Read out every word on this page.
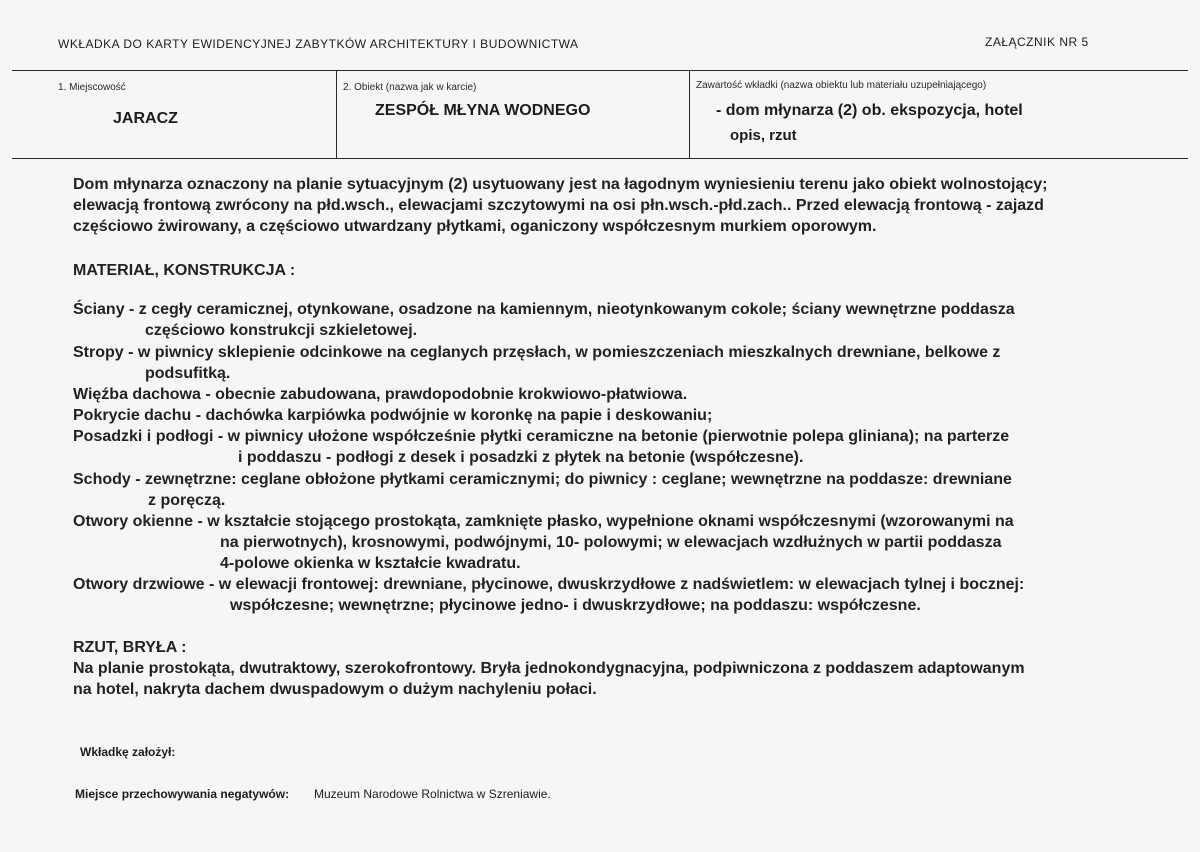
WKŁADKA DO KARTY EWIDENCYJNEJ ZABYTKÓW ARCHITEKTURY I BUDOWNICTWA	ZAŁĄCZNIK NR 5
1. Miejscowość
JARACZ
2. Obiekt (nazwa jak w karcie)
ZESPÓŁ MŁYNA WODNEGO
Zawartość wkładki (nazwa obiektu lub materiału uzupełniającego)
- dom młynarza (2) ob. ekspozycja, hotel
opis, rzut
Dom młynarza oznaczony na planie sytuacyjnym (2) usytuowany jest na łagodnym wyniesieniu terenu jako obiekt wolnostojący;
elewacją frontową zwrócony na płd.wsch., elewacjami szczytowymi na osi płn.wsch.-płd.zach.. Przed elewacją frontową - zajazd
częściowo żwirowany, a częściowo utwardzany płytkami, oganiczony współczesnym murkiem oporowym.
MATERIAŁ, KONSTRUKCJA :
Ściany - z cegły ceramicznej, otynkowane, osadzone na kamiennym, nieotynkowanym cokole; ściany wewnętrzne poddasza
częściowo konstrukcji szkieletowej.
Stropy - w piwnicy sklepienie odcinkowe na ceglanych przęsłach, w pomieszczeniach mieszkalnych drewniane, belkowe z
podsufitką.
Więźba dachowa - obecnie zabudowana, prawdopodobnie krokwiowo-płatwiowa.
Pokrycie dachu - dachówka karpiówka podwójnie w koronkę na papie i deskowaniu;
Posadzki i podłogi - w piwnicy ułożone współcześnie płytki ceramiczne na betonie (pierwotnie polepa gliniana); na parterze
i poddaszu - podłogi z desek i posadzki z płytek na betonie (współczesne).
Schody - zewnętrzne: ceglane obłożone płytkami ceramicznymi; do piwnicy : ceglane; wewnętrzne na poddasze: drewniane
z poręczą.
Otwory okienne - w kształcie stojącego prostokąta, zamknięte płasko, wypełnione oknami współczesnymi (wzorowanymi na
na pierwotnych), krosnowymi, podwójnymi, 10- polowymi; w elewacjach wzdłużnych w partii poddasza
4-polowe okienka w kształcie kwadratu.
Otwory drzwiowe - w elewacji frontowej: drewniane, płycinowe, dwuskrzydłowe z nadświetlem: w elewacjach tylnej i bocznej:
współczesne; wewnętrzne; płycinowe jedno- i dwuskrzydłowe; na poddaszu: współczesne.
RZUT, BRYŁA :
Na planie prostokąta, dwutraktowy, szerokofrontowy. Bryła jednokondygnacyjna, podpiwniczona z poddaszem adaptowanym
na hotel, nakryta dachem dwuspadowym o dużym nachyleniu połaci.
Wkładkę założył:
Miejsce przechowywania negatywów: Muzeum Narodowe Rolnictwa w Szreniawie.
